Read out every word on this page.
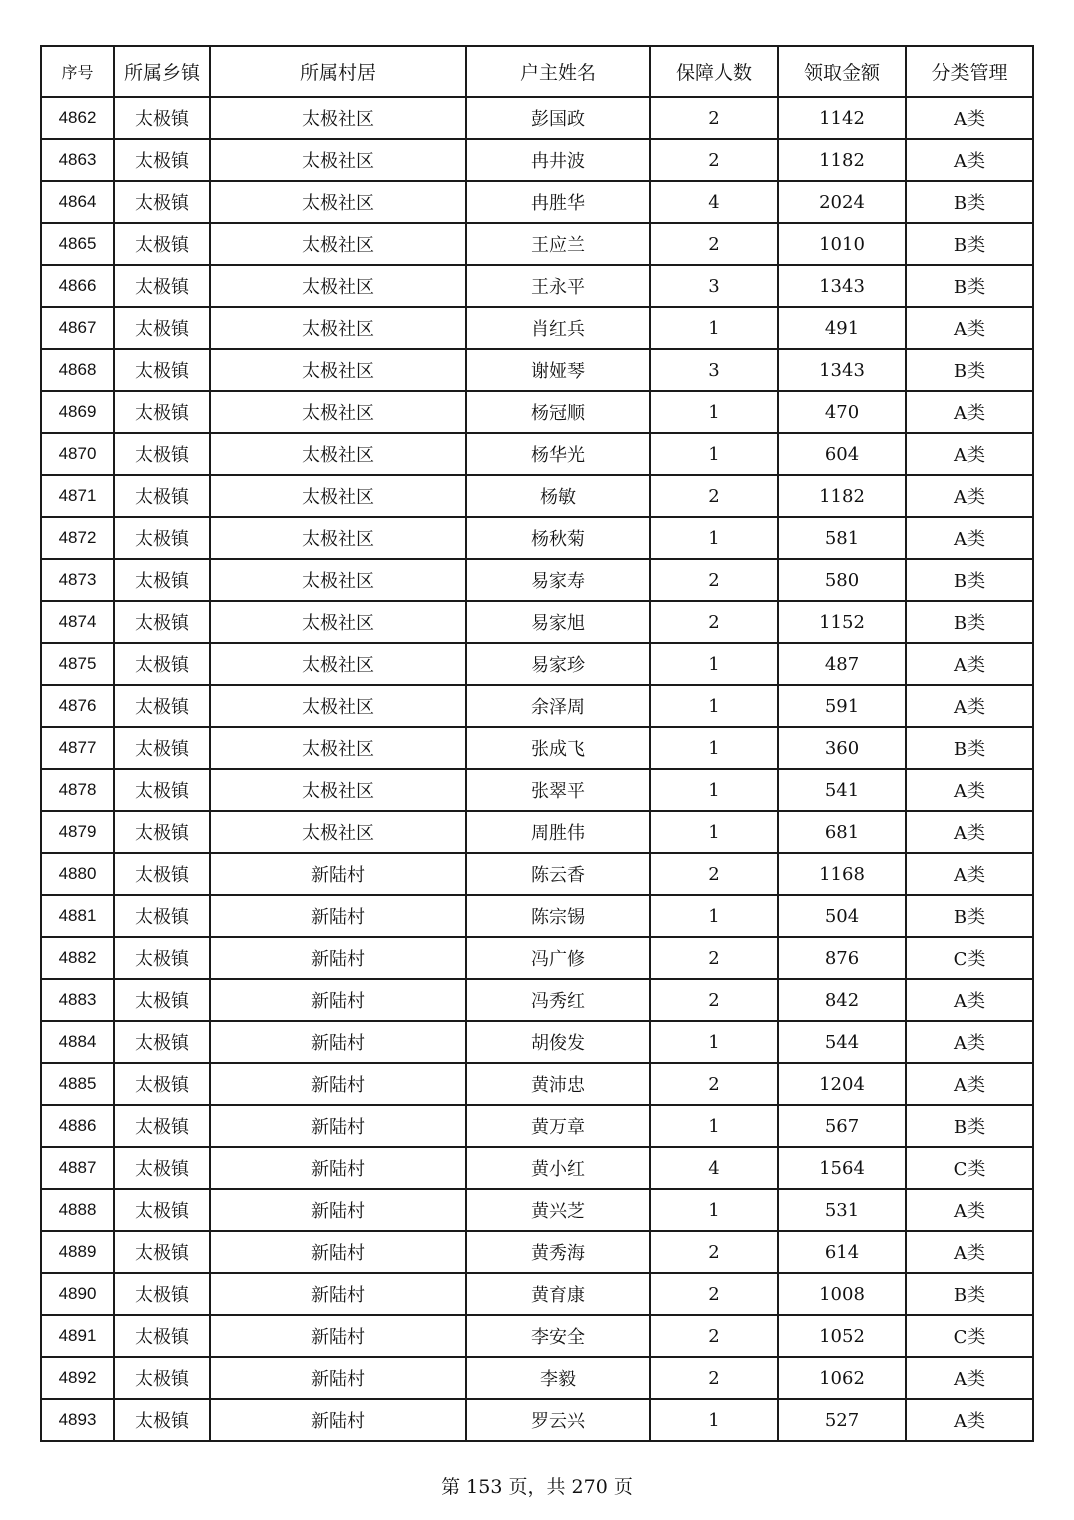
序号	所属乡镇	所属村居	户主姓名	保障人数	领取金额	分类管理
4862	太极镇	太极社区	彭国政	2	1142	A类
4863	太极镇	太极社区	冉井波	2	1182	A类
4864	太极镇	太极社区	冉胜华	4	2024	B类
4865	太极镇	太极社区	王应兰	2	1010	B类
4866	太极镇	太极社区	王永平	3	1343	B类
4867	太极镇	太极社区	肖红兵	1	491	A类
4868	太极镇	太极社区	谢娅琴	3	1343	B类
4869	太极镇	太极社区	杨冠顺	1	470	A类
4870	太极镇	太极社区	杨华光	1	604	A类
4871	太极镇	太极社区	杨敏	2	1182	A类
4872	太极镇	太极社区	杨秋菊	1	581	A类
4873	太极镇	太极社区	易家寿	2	580	B类
4874	太极镇	太极社区	易家旭	2	1152	B类
4875	太极镇	太极社区	易家珍	1	487	A类
4876	太极镇	太极社区	余泽周	1	591	A类
4877	太极镇	太极社区	张成飞	1	360	B类
4878	太极镇	太极社区	张翠平	1	541	A类
4879	太极镇	太极社区	周胜伟	1	681	A类
4880	太极镇	新陆村	陈云香	2	1168	A类
4881	太极镇	新陆村	陈宗锡	1	504	B类
4882	太极镇	新陆村	冯广修	2	876	C类
4883	太极镇	新陆村	冯秀红	2	842	A类
4884	太极镇	新陆村	胡俊发	1	544	A类
4885	太极镇	新陆村	黄沛忠	2	1204	A类
4886	太极镇	新陆村	黄万章	1	567	B类
4887	太极镇	新陆村	黄小红	4	1564	C类
4888	太极镇	新陆村	黄兴芝	1	531	A类
4889	太极镇	新陆村	黄秀海	2	614	A类
4890	太极镇	新陆村	黄育康	2	1008	B类
4891	太极镇	新陆村	李安全	2	1052	C类
4892	太极镇	新陆村	李毅	2	1062	A类
4893	太极镇	新陆村	罗云兴	1	527	A类
第 153 页，共 270 页
